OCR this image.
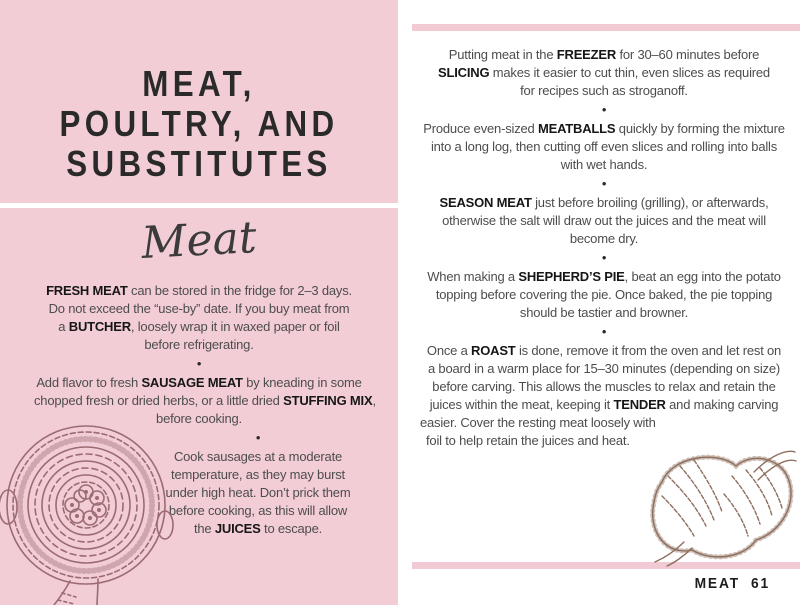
MEAT,
POULTRY, AND
SUBSTITUTES
Meat
FRESH MEAT can be stored in the fridge for 2–3 days.
Do not exceed the “use-by” date. If you buy meat from
a BUTCHER, loosely wrap it in waxed paper or foil
before refrigerating.
•
Add flavor to fresh SAUSAGE MEAT by kneading in some
chopped fresh or dried herbs, or a little dried STUFFING MIX,
before cooking.
•
Cook sausages at a moderate
temperature, as they may burst
under high heat. Don’t prick them
before cooking, as this will allow
the JUICES to escape.
Putting meat in the FREEZER for 30–60 minutes before
SLICING makes it easier to cut thin, even slices as required
for recipes such as stroganoff.
•
Produce even-sized MEATBALLS quickly by forming the mixture
into a long log, then cutting off even slices and rolling into balls
with wet hands.
•
SEASON MEAT just before broiling (grilling), or afterwards,
otherwise the salt will draw out the juices and the meat will
become dry.
•
When making a SHEPHERD’S PIE, beat an egg into the potato
topping before covering the pie. Once baked, the pie topping
should be tastier and browner.
•
Once a ROAST is done, remove it from the oven and let rest on
a board in a warm place for 15–30 minutes (depending on size)
before carving. This allows the muscles to relax and retain the
juices within the meat, keeping it TENDER and making carving
easier. Cover the resting meat loosely with
foil to help retain the juices and heat.
MEAT 61
